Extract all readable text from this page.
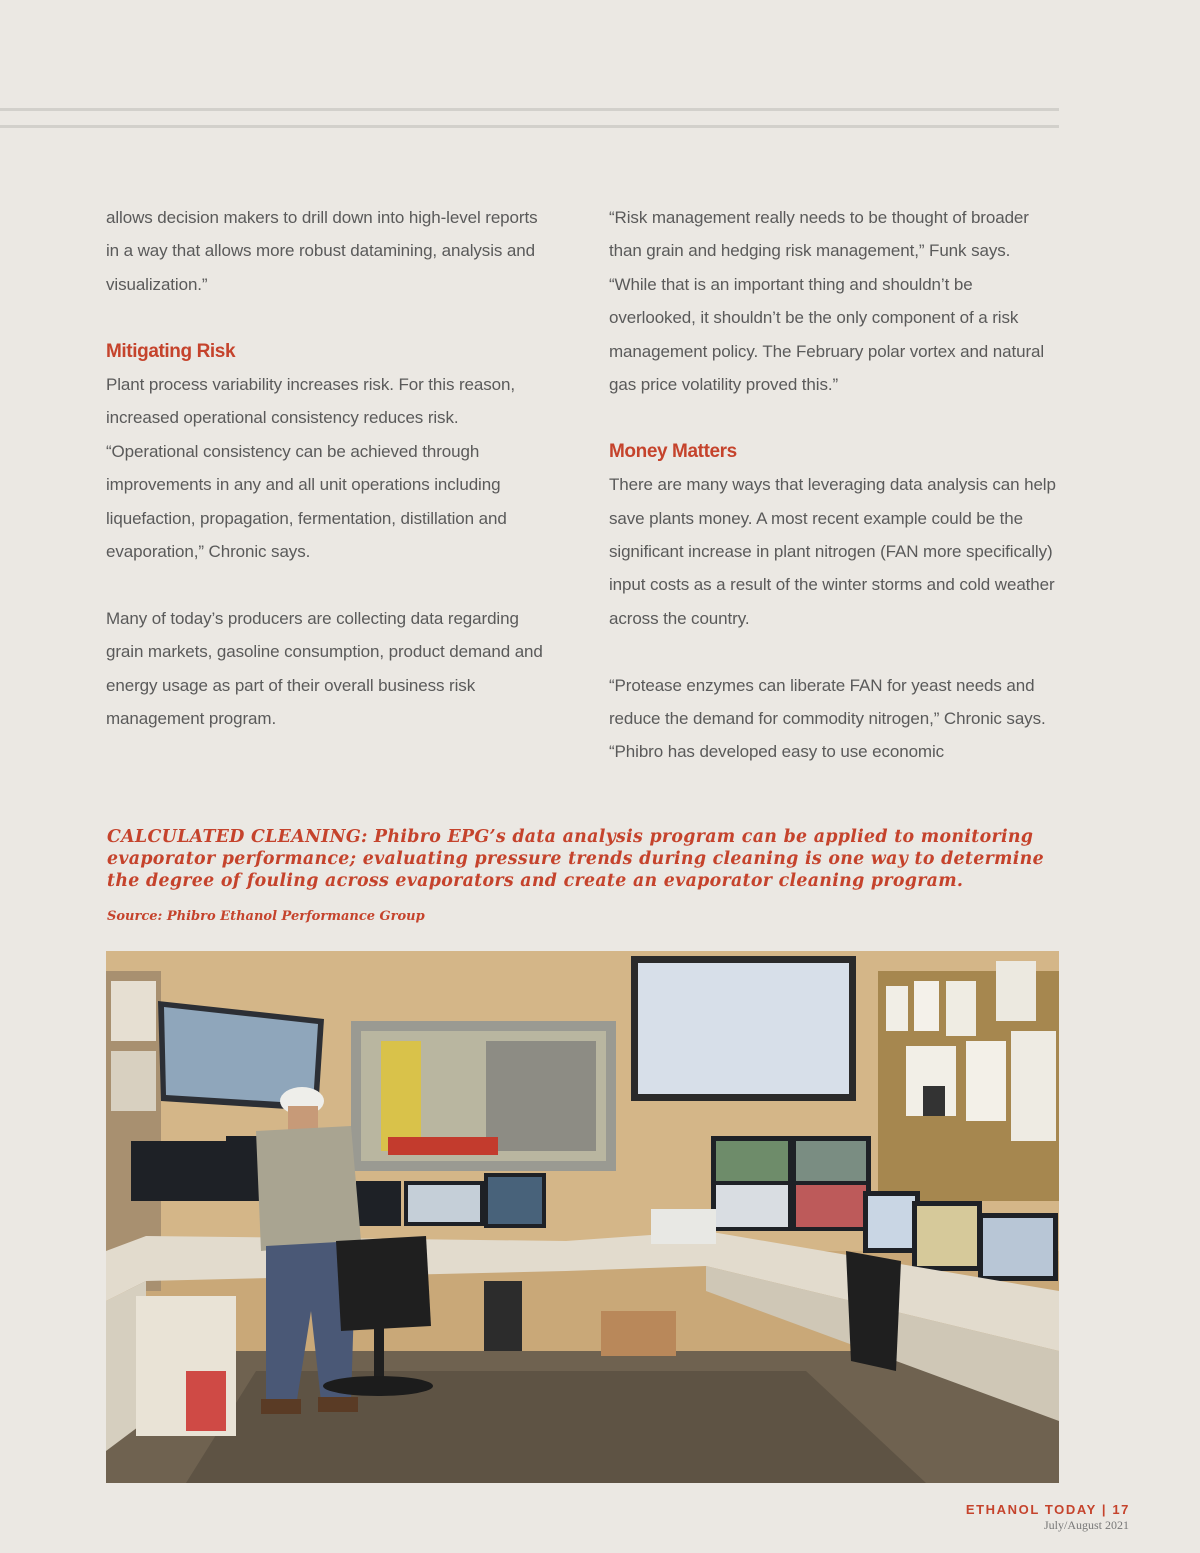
allows decision makers to drill down into high-level reports in a way that allows more robust datamining, analysis and visualization.”

Mitigating Risk

Plant process variability increases risk. For this reason, increased operational consistency reduces risk. “Operational consistency can be achieved through improvements in any and all unit operations including liquefaction, propagation, fermentation, distillation and evaporation,” Chronic says.

Many of today’s producers are collecting data regarding grain markets, gasoline consumption, product demand and energy usage as part of their overall business risk management program.

“Risk management really needs to be thought of broader than grain and hedging risk management,” Funk says. “While that is an important thing and shouldn’t be overlooked, it shouldn’t be the only component of a risk management policy. The February polar vortex and natural gas price volatility proved this.”

Money Matters

There are many ways that leveraging data analysis can help save plants money. A most recent example could be the significant increase in plant nitrogen (FAN more specifically) input costs as a result of the winter storms and cold weather across the country.

“Protease enzymes can liberate FAN for yeast needs and reduce the demand for commodity nitrogen,” Chronic says. “Phibro has developed easy to use economic

CALCULATED CLEANING: Phibro EPG’s data analysis program can be applied to monitoring evaporator performance; evaluating pressure trends during cleaning is one way to determine the degree of fouling across evaporators and create an evaporator cleaning program.
Source: Phibro Ethanol Performance Group
ETHANOL TODAY | 17
July/August 2021
